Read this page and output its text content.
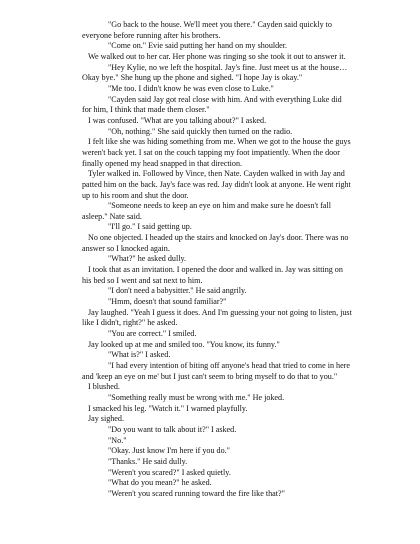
"Go back to the house. We'll meet you there." Cayden said quickly to everyone before running after his brothers.

"Come on." Evie said putting her hand on my shoulder.

We walked out to her car. Her phone was ringing so she took it out to answer it.

"Hey Kylie, no we left the hospital. Jay's fine. Just meet us at the house… Okay bye." She hung up the phone and sighed. "I hope Jay is okay."

"Me too. I didn't know he was even close to Luke."

"Cayden said Jay got real close with him. And with everything Luke did for him, I think that made them closer."

I was confused. "What are you talking about?" I asked.

"Oh, nothing." She said quickly then turned on the radio.

I felt like she was hiding something from me. When we got to the house the guys weren't back yet. I sat on the couch tapping my foot impatiently. When the door finally opened my head snapped in that direction.

Tyler walked in. Followed by Vince, then Nate. Cayden walked in with Jay and patted him on the back. Jay's face was red. Jay didn't look at anyone. He went right up to his room and shut the door.

"Someone needs to keep an eye on him and make sure he doesn't fall asleep." Nate said.

"I'll go." I said getting up.

No one objected. I headed up the stairs and knocked on Jay's door. There was no answer so I knocked again.

"What?" he asked dully.

I took that as an invitation. I opened the door and walked in. Jay was sitting on his bed so I went and sat next to him.

"I don't need a babysitter." He said angrily.

"Hmm, doesn't that sound familiar?"

Jay laughed. "Yeah I guess it does. And I'm guessing your not going to listen, just like I didn't, right?" he asked.

"You are correct." I smiled.

Jay looked up at me and smiled too. "You know, its funny."

"What is?" I asked.

"I had every intention of biting off anyone's head that tried to come in here and 'keep an eye on me' but I just can't seem to bring myself to do that to you."

I blushed.

"Something really must be wrong with me." He joked.

I smacked his leg. "Watch it." I warned playfully.

Jay sighed.

"Do you want to talk about it?" I asked.

"No."

"Okay. Just know I'm here if you do."

"Thanks." He said dully.

"Weren't you scared?" I asked quietly.

"What do you mean?" he asked.

"Weren't you scared running toward the fire like that?"
